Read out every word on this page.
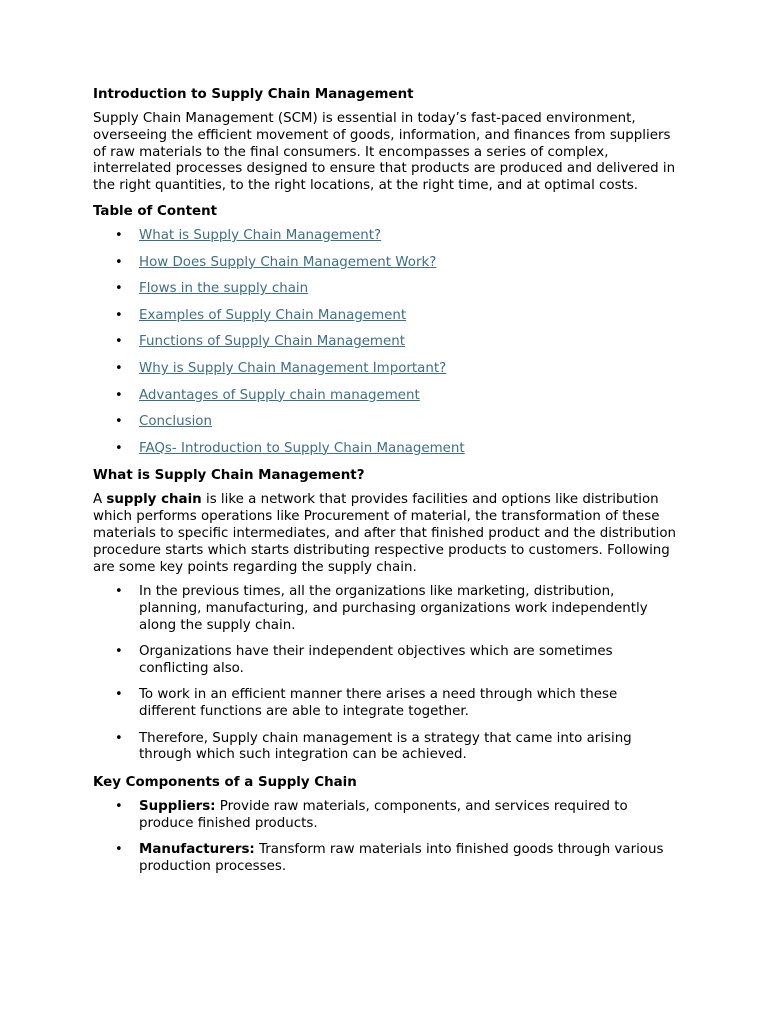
Introduction to Supply Chain Management

Supply Chain Management (SCM) is essential in today’s fast-paced environment, overseeing the efficient movement of goods, information, and finances from suppliers of raw materials to the final consumers. It encompasses a series of complex, interrelated processes designed to ensure that products are produced and delivered in the right quantities, to the right locations, at the right time, and at optimal costs.

Table of Content
• What is Supply Chain Management?
• How Does Supply Chain Management Work?
• Flows in the supply chain
• Examples of Supply Chain Management
• Functions of Supply Chain Management
• Why is Supply Chain Management Important?
• Advantages of Supply chain management
• Conclusion
• FAQs- Introduction to Supply Chain Management
What is Supply Chain Management?

A supply chain is like a network that provides facilities and options like distribution which performs operations like Procurement of material, the transformation of these materials to specific intermediates, and after that finished product and the distribution procedure starts which starts distributing respective products to customers. Following are some key points regarding the supply chain.

• In the previous times, all the organizations like marketing, distribution, planning, manufacturing, and purchasing organizations work independently along the supply chain.
• Organizations have their independent objectives which are sometimes conflicting also.
• To work in an efficient manner there arises a need through which these different functions are able to integrate together.
• Therefore, Supply chain management is a strategy that came into arising through which such integration can be achieved.
Key Components of a Supply Chain
• Suppliers: Provide raw materials, components, and services required to produce finished products.
• Manufacturers: Transform raw materials into finished goods through various production processes.
